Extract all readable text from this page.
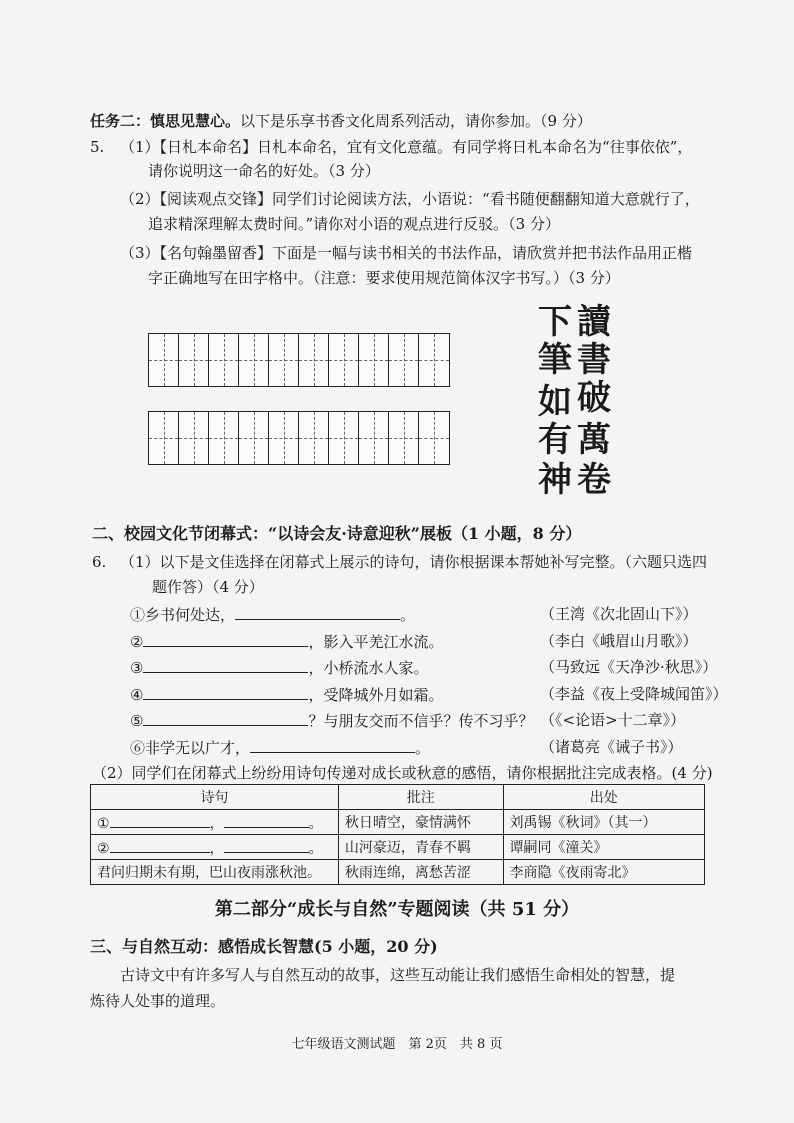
任务二：慎思见慧心。以下是乐享书香文化周系列活动，请你参加。（9 分）
5. （1）【日札本命名】日札本命名，宜有文化意蕴。有同学将日札本命名为“往事依依”，
请你说明这一命名的好处。（3 分）
（2）【阅读观点交锋】同学们讨论阅读方法，小语说：“看书随便翻翻知道大意就行了，
追求精深理解太费时间。”请你对小语的观点进行反驳。（3 分）
（3）【名句翰墨留香】下面是一幅与读书相关的书法作品，请欣赏并把书法作品用正楷
字正确地写在田字格中。（注意：要求使用规范简体汉字书写。）（3 分）
讀
書
破
萬
卷
下
筆
如
有
神
二、校园文化节闭幕式：“以诗会友·诗意迎秋”展板（1 小题，8 分）
6. （1）以下是文佳选择在闭幕式上展示的诗句，请你根据课本帮她补写完整。（六题只选四
题作答）（4 分）
①乡书何处达，	。	（王湾《次北固山下》）
②	，影入平羌江水流。	（李白《峨眉山月歌》）
③	，小桥流水人家。	（马致远《天净沙·秋思》）
④	，受降城外月如霜。	（李益《夜上受降城闻笛》）
⑤	？与朋友交而不信乎？传不习乎？ （《<论语>十二章》）
⑥非学无以广才，	。	（诸葛亮《诫子书》）
（2）同学们在闭幕式上纷纷用诗句传递对成长或秋意的感悟，请你根据批注完成表格。(4 分)
诗句	批注	出处
① ， 。	秋日晴空，豪情满怀	刘禹锡《秋词》（其一）
② ， 。	山河豪迈，青春不羁	谭嗣同《潼关》
君问归期未有期，巴山夜雨涨秋池。	秋雨连绵，离愁苦涩	李商隐《夜雨寄北》
第二部分“成长与自然”专题阅读（共 51 分）
三、与自然互动：感悟成长智慧(5 小题，20 分)
古诗文中有许多写人与自然互动的故事，这些互动能让我们感悟生命相处的智慧，提
炼待人处事的道理。
七年级语文测试题　第 2页　共 8 页
